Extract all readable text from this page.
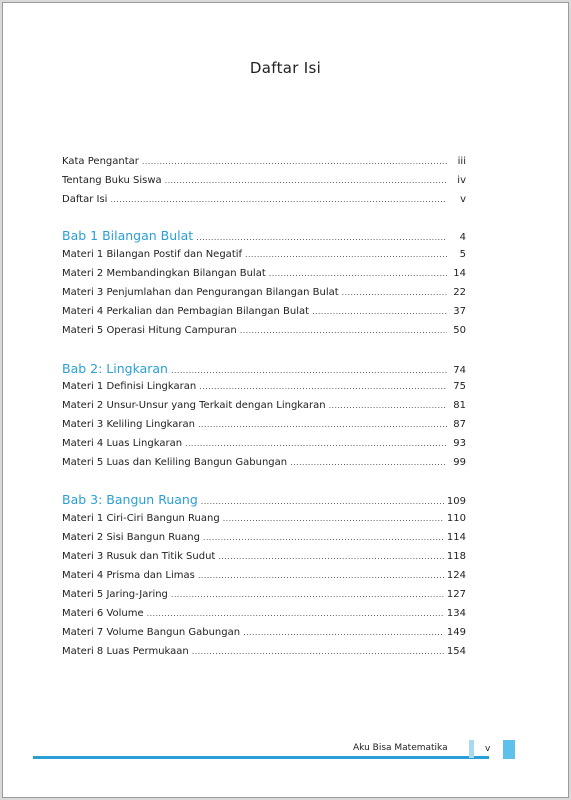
Daftar Isi
Kata Pengantar .....	iii
Tentang Buku Siswa .....	iv
Daftar Isi .....	v
Bab 1 Bilangan Bulat .....	4
Materi 1 Bilangan Postif dan Negatif .....	5
Materi 2 Membandingkan Bilangan Bulat .....	14
Materi 3 Penjumlahan dan Pengurangan Bilangan Bulat .....	22
Materi 4 Perkalian dan Pembagian Bilangan Bulat .....	37
Materi 5 Operasi Hitung Campuran .....	50
Bab 2: Lingkaran .....	74
Materi 1 Definisi Lingkaran .....	75
Materi 2 Unsur-Unsur yang Terkait dengan Lingkaran .....	81
Materi 3 Keliling Lingkaran .....	87
Materi 4 Luas Lingkaran .....	93
Materi 5 Luas dan Keliling Bangun Gabungan .....	99
Bab 3: Bangun Ruang .....	109
Materi 1 Ciri-Ciri Bangun Ruang .....	110
Materi 2 Sisi Bangun Ruang .....	114
Materi 3 Rusuk dan Titik Sudut .....	118
Materi 4 Prisma dan Limas .....	124
Materi 5 Jaring-Jaring .....	127
Materi 6 Volume .....	134
Materi 7 Volume Bangun Gabungan .....	149
Materi 8 Luas Permukaan .....	154
Aku Bisa Matematika	v
